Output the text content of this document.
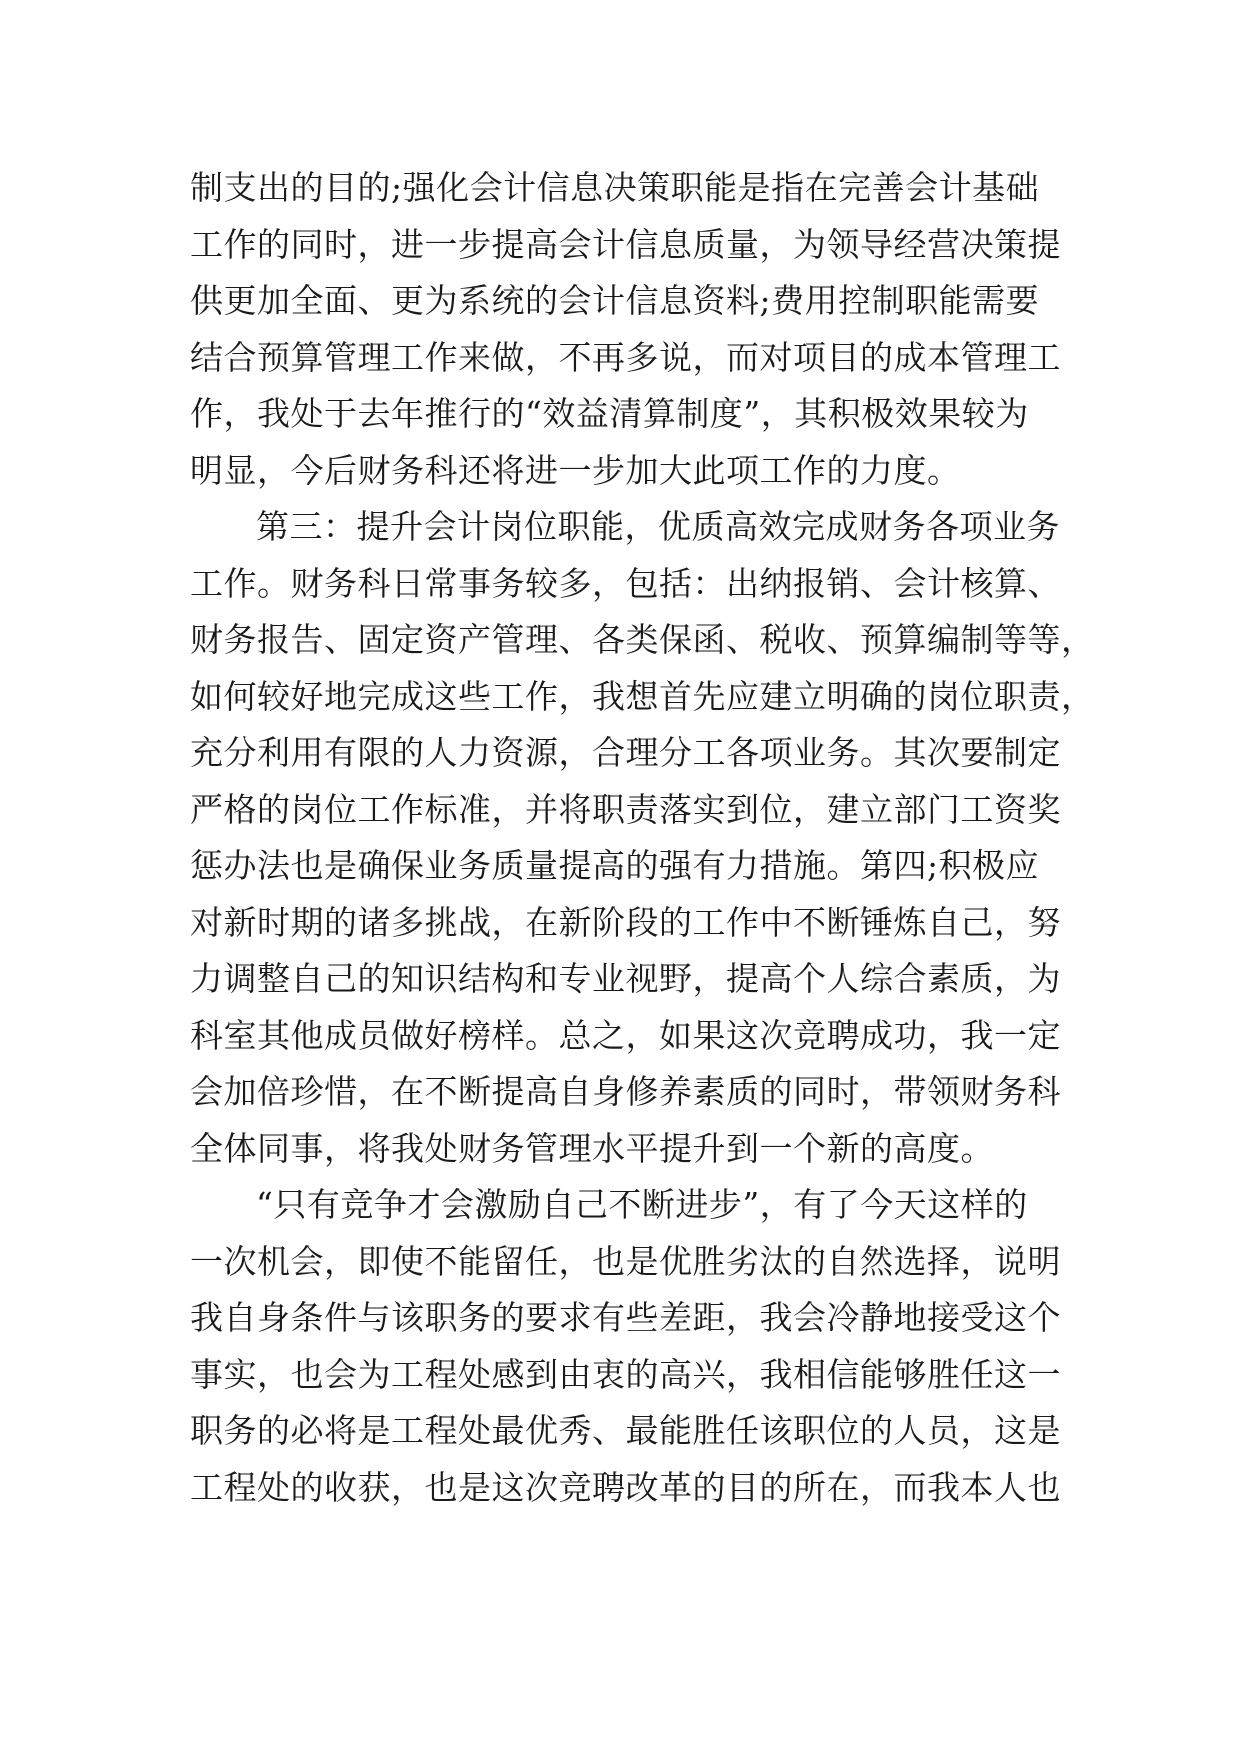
制支出的目的;强化会计信息决策职能是指在完善会计基础
工作的同时，进一步提高会计信息质量，为领导经营决策提
供更加全面、更为系统的会计信息资料;费用控制职能需要
结合预算管理工作来做，不再多说，而对项目的成本管理工
作，我处于去年推行的“效益清算制度”，其积极效果较为
明显，今后财务科还将进一步加大此项工作的力度。
第三：提升会计岗位职能，优质高效完成财务各项业务
工作。财务科日常事务较多，包括：出纳报销、会计核算、
财务报告、固定资产管理、各类保函、税收、预算编制等等，
如何较好地完成这些工作，我想首先应建立明确的岗位职责，
充分利用有限的人力资源，合理分工各项业务。其次要制定
严格的岗位工作标准，并将职责落实到位，建立部门工资奖
惩办法也是确保业务质量提高的强有力措施。第四;积极应
对新时期的诸多挑战，在新阶段的工作中不断锤炼自己，努
力调整自己的知识结构和专业视野，提高个人综合素质，为
科室其他成员做好榜样。总之，如果这次竞聘成功，我一定
会加倍珍惜，在不断提高自身修养素质的同时，带领财务科
全体同事，将我处财务管理水平提升到一个新的高度。
“只有竞争才会激励自己不断进步”，有了今天这样的
一次机会，即使不能留任，也是优胜劣汰的自然选择，说明
我自身条件与该职务的要求有些差距，我会冷静地接受这个
事实，也会为工程处感到由衷的高兴，我相信能够胜任这一
职务的必将是工程处最优秀、最能胜任该职位的人员，这是
工程处的收获，也是这次竞聘改革的目的所在，而我本人也
